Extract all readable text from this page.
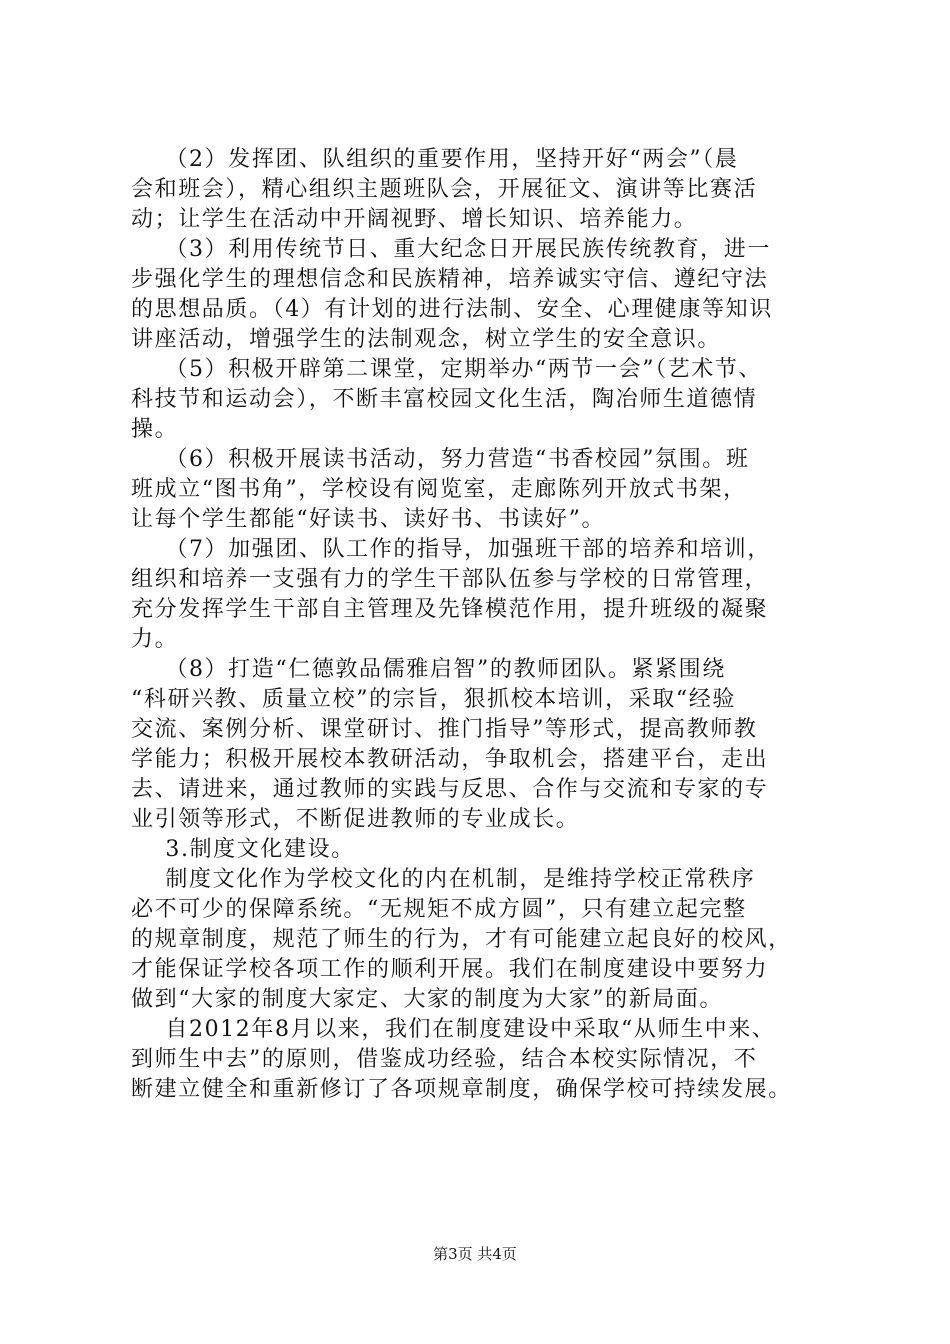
（2）发挥团、队组织的重要作用，坚持开好“两会”（晨
会和班会），精心组织主题班队会，开展征文、演讲等比赛活
动；让学生在活动中开阔视野、增长知识、培养能力。
（3）利用传统节日、重大纪念日开展民族传统教育，进一
步强化学生的理想信念和民族精神，培养诚实守信、遵纪守法
的思想品质。（4）有计划的进行法制、安全、心理健康等知识
讲座活动，增强学生的法制观念，树立学生的安全意识。
（5）积极开辟第二课堂，定期举办“两节一会”（艺术节、
科技节和运动会），不断丰富校园文化生活，陶冶师生道德情
操。
（6）积极开展读书活动，努力营造“书香校园”氛围。班
班成立“图书角”，学校设有阅览室，走廊陈列开放式书架，
让每个学生都能“好读书、读好书、书读好”。
（7）加强团、队工作的指导，加强班干部的培养和培训，
组织和培养一支强有力的学生干部队伍参与学校的日常管理，
充分发挥学生干部自主管理及先锋模范作用，提升班级的凝聚
力。
（8）打造“仁德敦品儒雅启智”的教师团队。紧紧围绕
“科研兴教、质量立校”的宗旨，狠抓校本培训，采取“经验
交流、案例分析、课堂研讨、推门指导”等形式，提高教师教
学能力；积极开展校本教研活动，争取机会，搭建平台，走出
去、请进来，通过教师的实践与反思、合作与交流和专家的专
业引领等形式，不断促进教师的专业成长。
3.制度文化建设。
制度文化作为学校文化的内在机制，是维持学校正常秩序
必不可少的保障系统。“无规矩不成方圆”，只有建立起完整
的规章制度，规范了师生的行为，才有可能建立起良好的校风，
才能保证学校各项工作的顺利开展。我们在制度建设中要努力
做到“大家的制度大家定、大家的制度为大家”的新局面。
自2012年8月以来，我们在制度建设中采取“从师生中来、
到师生中去”的原则，借鉴成功经验，结合本校实际情况，不
断建立健全和重新修订了各项规章制度，确保学校可持续发展。
第3页 共4页
